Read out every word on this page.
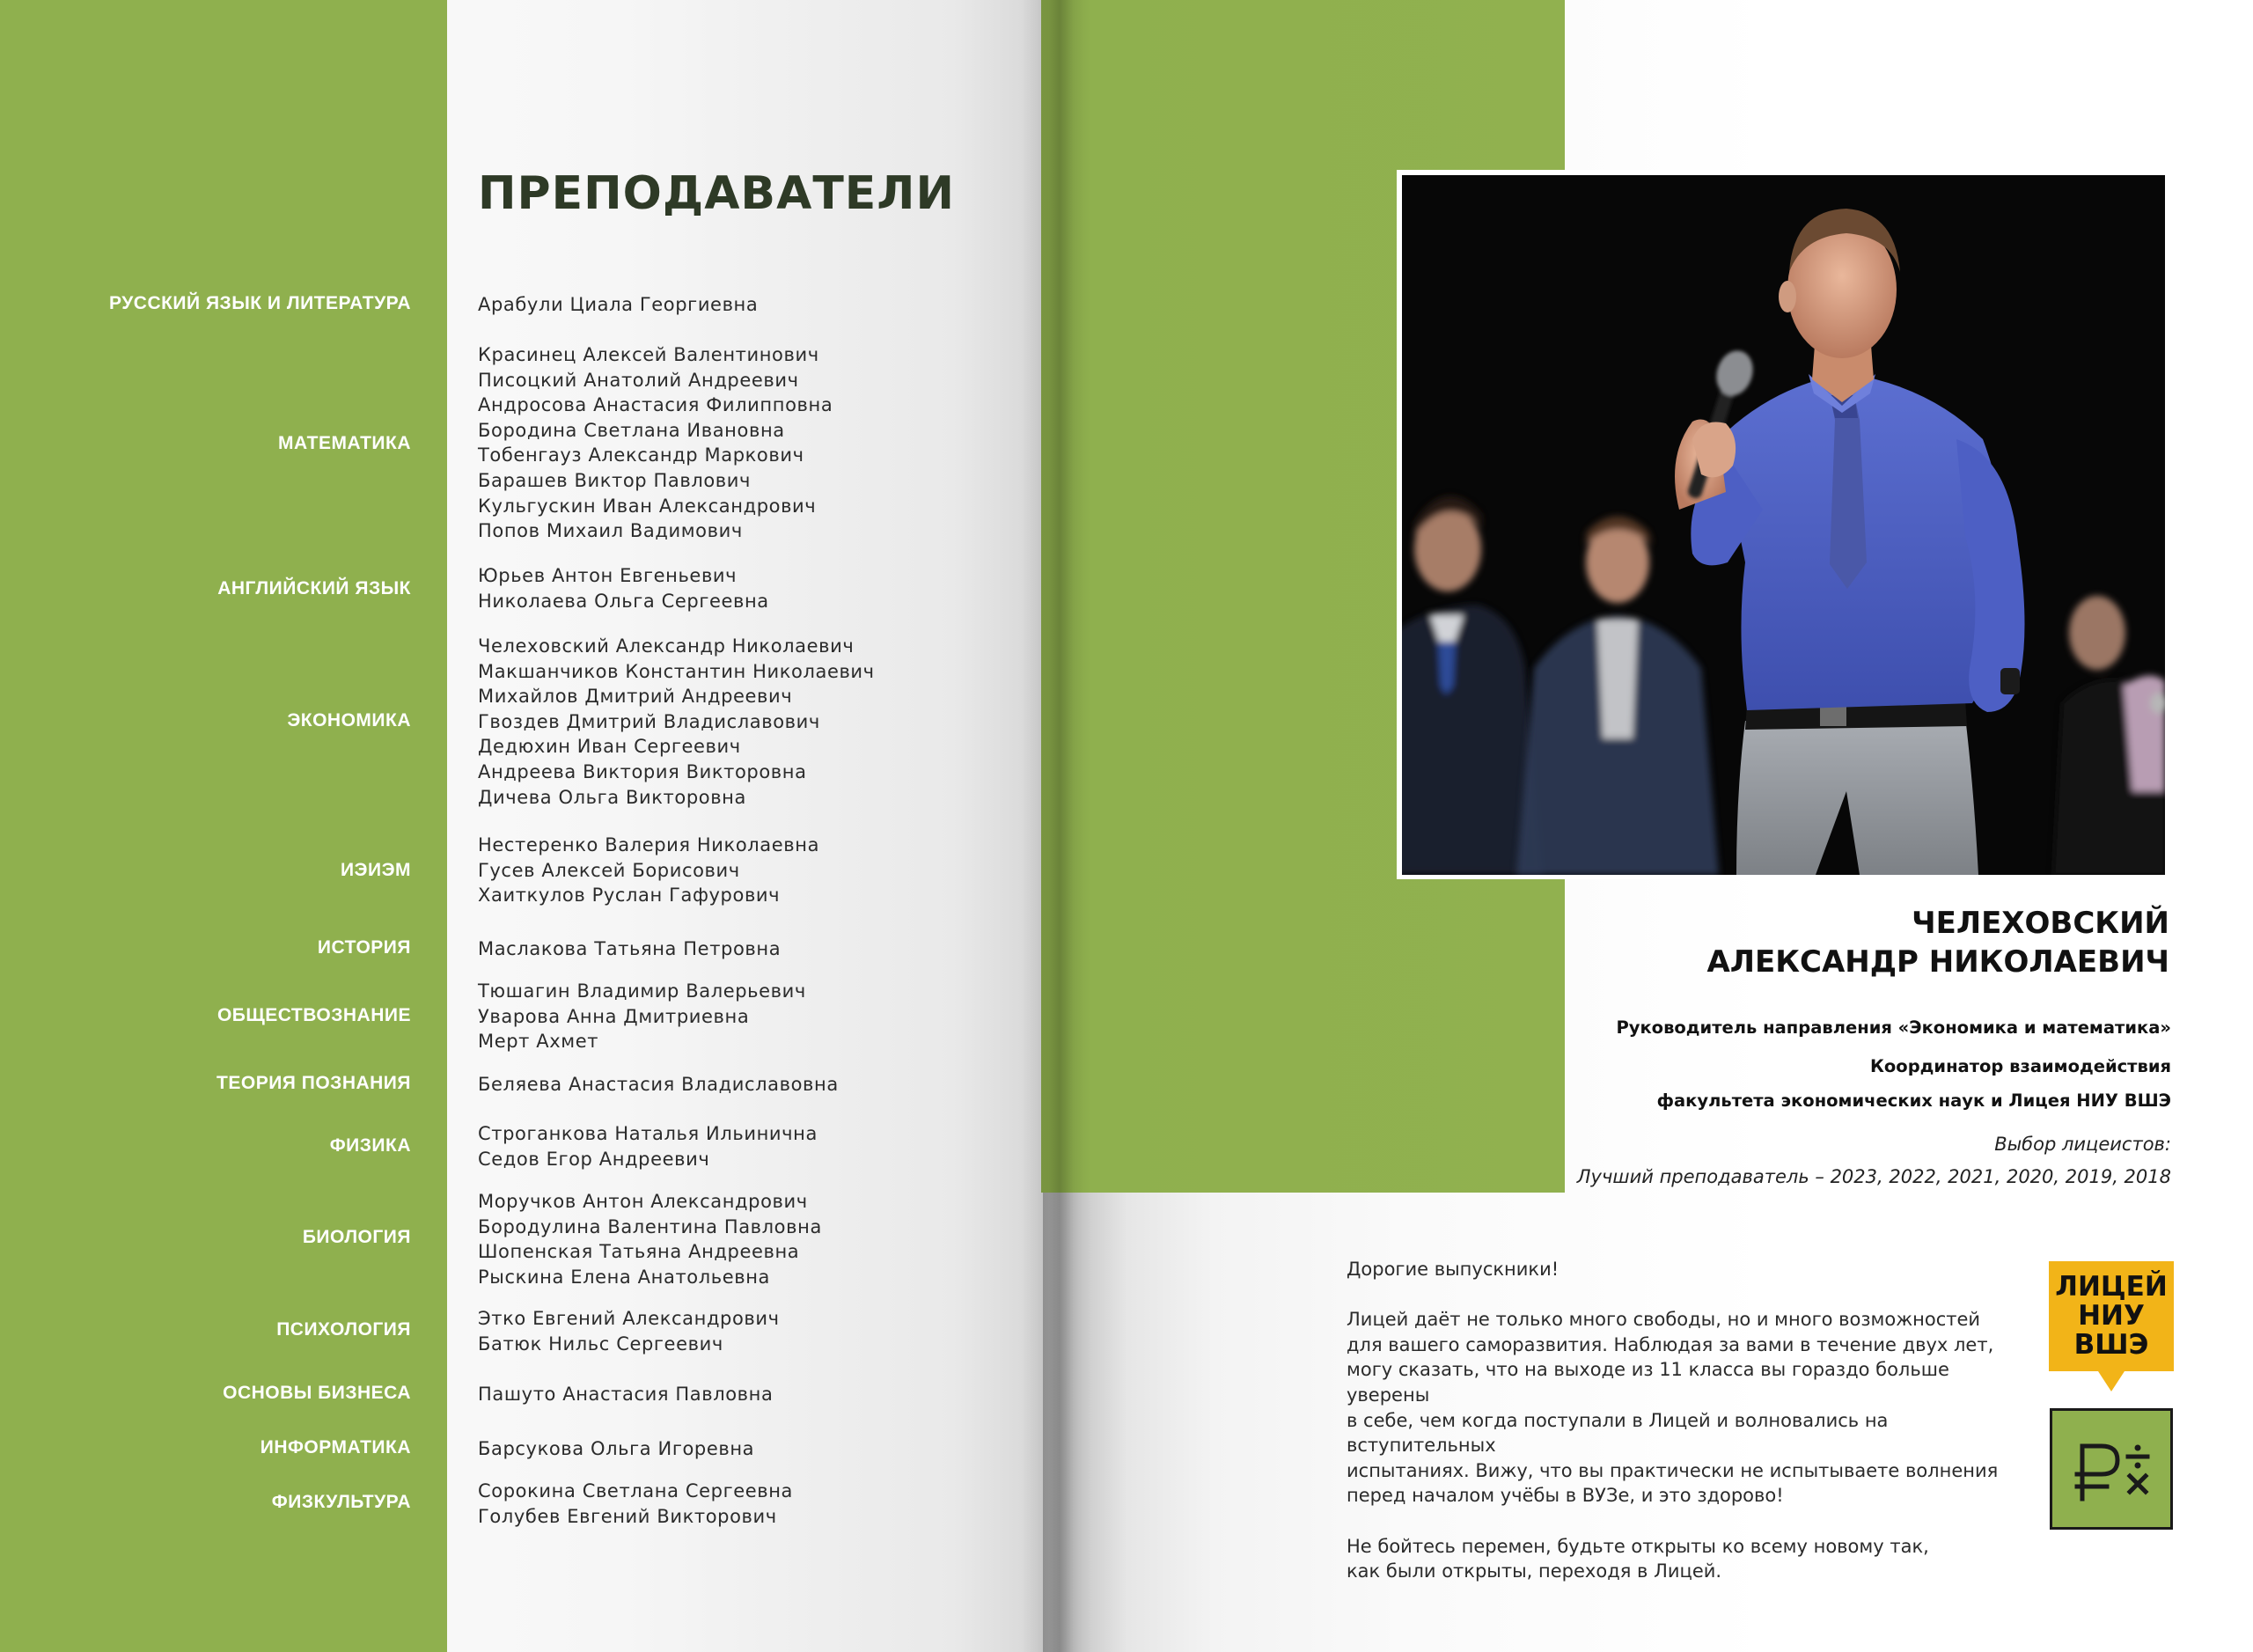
ПРЕПОДАВАТЕЛИ
РУССКИЙ ЯЗЫК И ЛИТЕРАТУРА
МАТЕМАТИКА
АНГЛИЙСКИЙ ЯЗЫК
ЭКОНОМИКА
ИЭИЭМ
ИСТОРИЯ
ОБЩЕСТВОЗНАНИЕ
ТЕОРИЯ ПОЗНАНИЯ
ФИЗИКА
БИОЛОГИЯ
ПСИХОЛОГИЯ
ОСНОВЫ БИЗНЕСА
ИНФОРМАТИКА
ФИЗКУЛЬТУРА
Арабули Циала Георгиевна
Красинец Алексей Валентинович
Писоцкий Анатолий Андреевич
Андросова Анастасия Филипповна
Бородина Светлана Ивановна
Тобенгауз Александр Маркович
Барашев Виктор Павлович
Кульгускин Иван Александрович
Попов Михаил Вадимович
Юрьев Антон Евгеньевич
Николаева Ольга Сергеевна
Челеховский Александр Николаевич
Макшанчиков Константин Николаевич
Михайлов Дмитрий Андреевич
Гвоздев Дмитрий Владиславович
Дедюхин Иван Сергеевич
Андреева Виктория Викторовна
Дичева Ольга Викторовна
Нестеренко Валерия Николаевна
Гусев Алексей Борисович
Хаиткулов Руслан Гафурович
Маслакова Татьяна Петровна
Тюшагин Владимир Валерьевич
Уварова Анна Дмитриевна
Мерт Ахмет
Беляева Анастасия Владиславовна
Строганкова Наталья Ильинична
Седов Егор Андреевич
Моручков Антон Александрович
Бородулина Валентина Павловна
Шопенская Татьяна Андреевна
Рыскина Елена Анатольевна
Этко Евгений Александрович
Батюк Нильс Сергеевич
Пашуто Анастасия Павловна
Барсукова Ольга Игоревна
Сорокина Светлана Сергеевна
Голубев Евгений Викторович
ЧЕЛЕХОВСКИЙ
АЛЕКСАНДР НИКОЛАЕВИЧ
Руководитель направления «Экономика и математика»
Координатор взаимодействия
факультета экономических наук и Лицея НИУ ВШЭ
Выбор лицеистов:
Лучший преподаватель – 2023, 2022, 2021, 2020, 2019, 2018

Дорогие выпускники!

Лицей даёт не только много свободы, но и много возможностей
для вашего саморазвития. Наблюдая за вами в течение двух лет,
могу сказать, что на выходе из 11 класса вы гораздо больше уверены
в себе, чем когда поступали в Лицей и волновались на вступительных
испытаниях. Вижу, что вы практически не испытываете волнения
перед началом учёбы в ВУЗе, и это здорово!

Не бойтесь перемен, будьте открыты ко всему новому так,
как были открыты, переходя в Лицей.

ЛИЦЕЙ
НИУ
ВШЭ
